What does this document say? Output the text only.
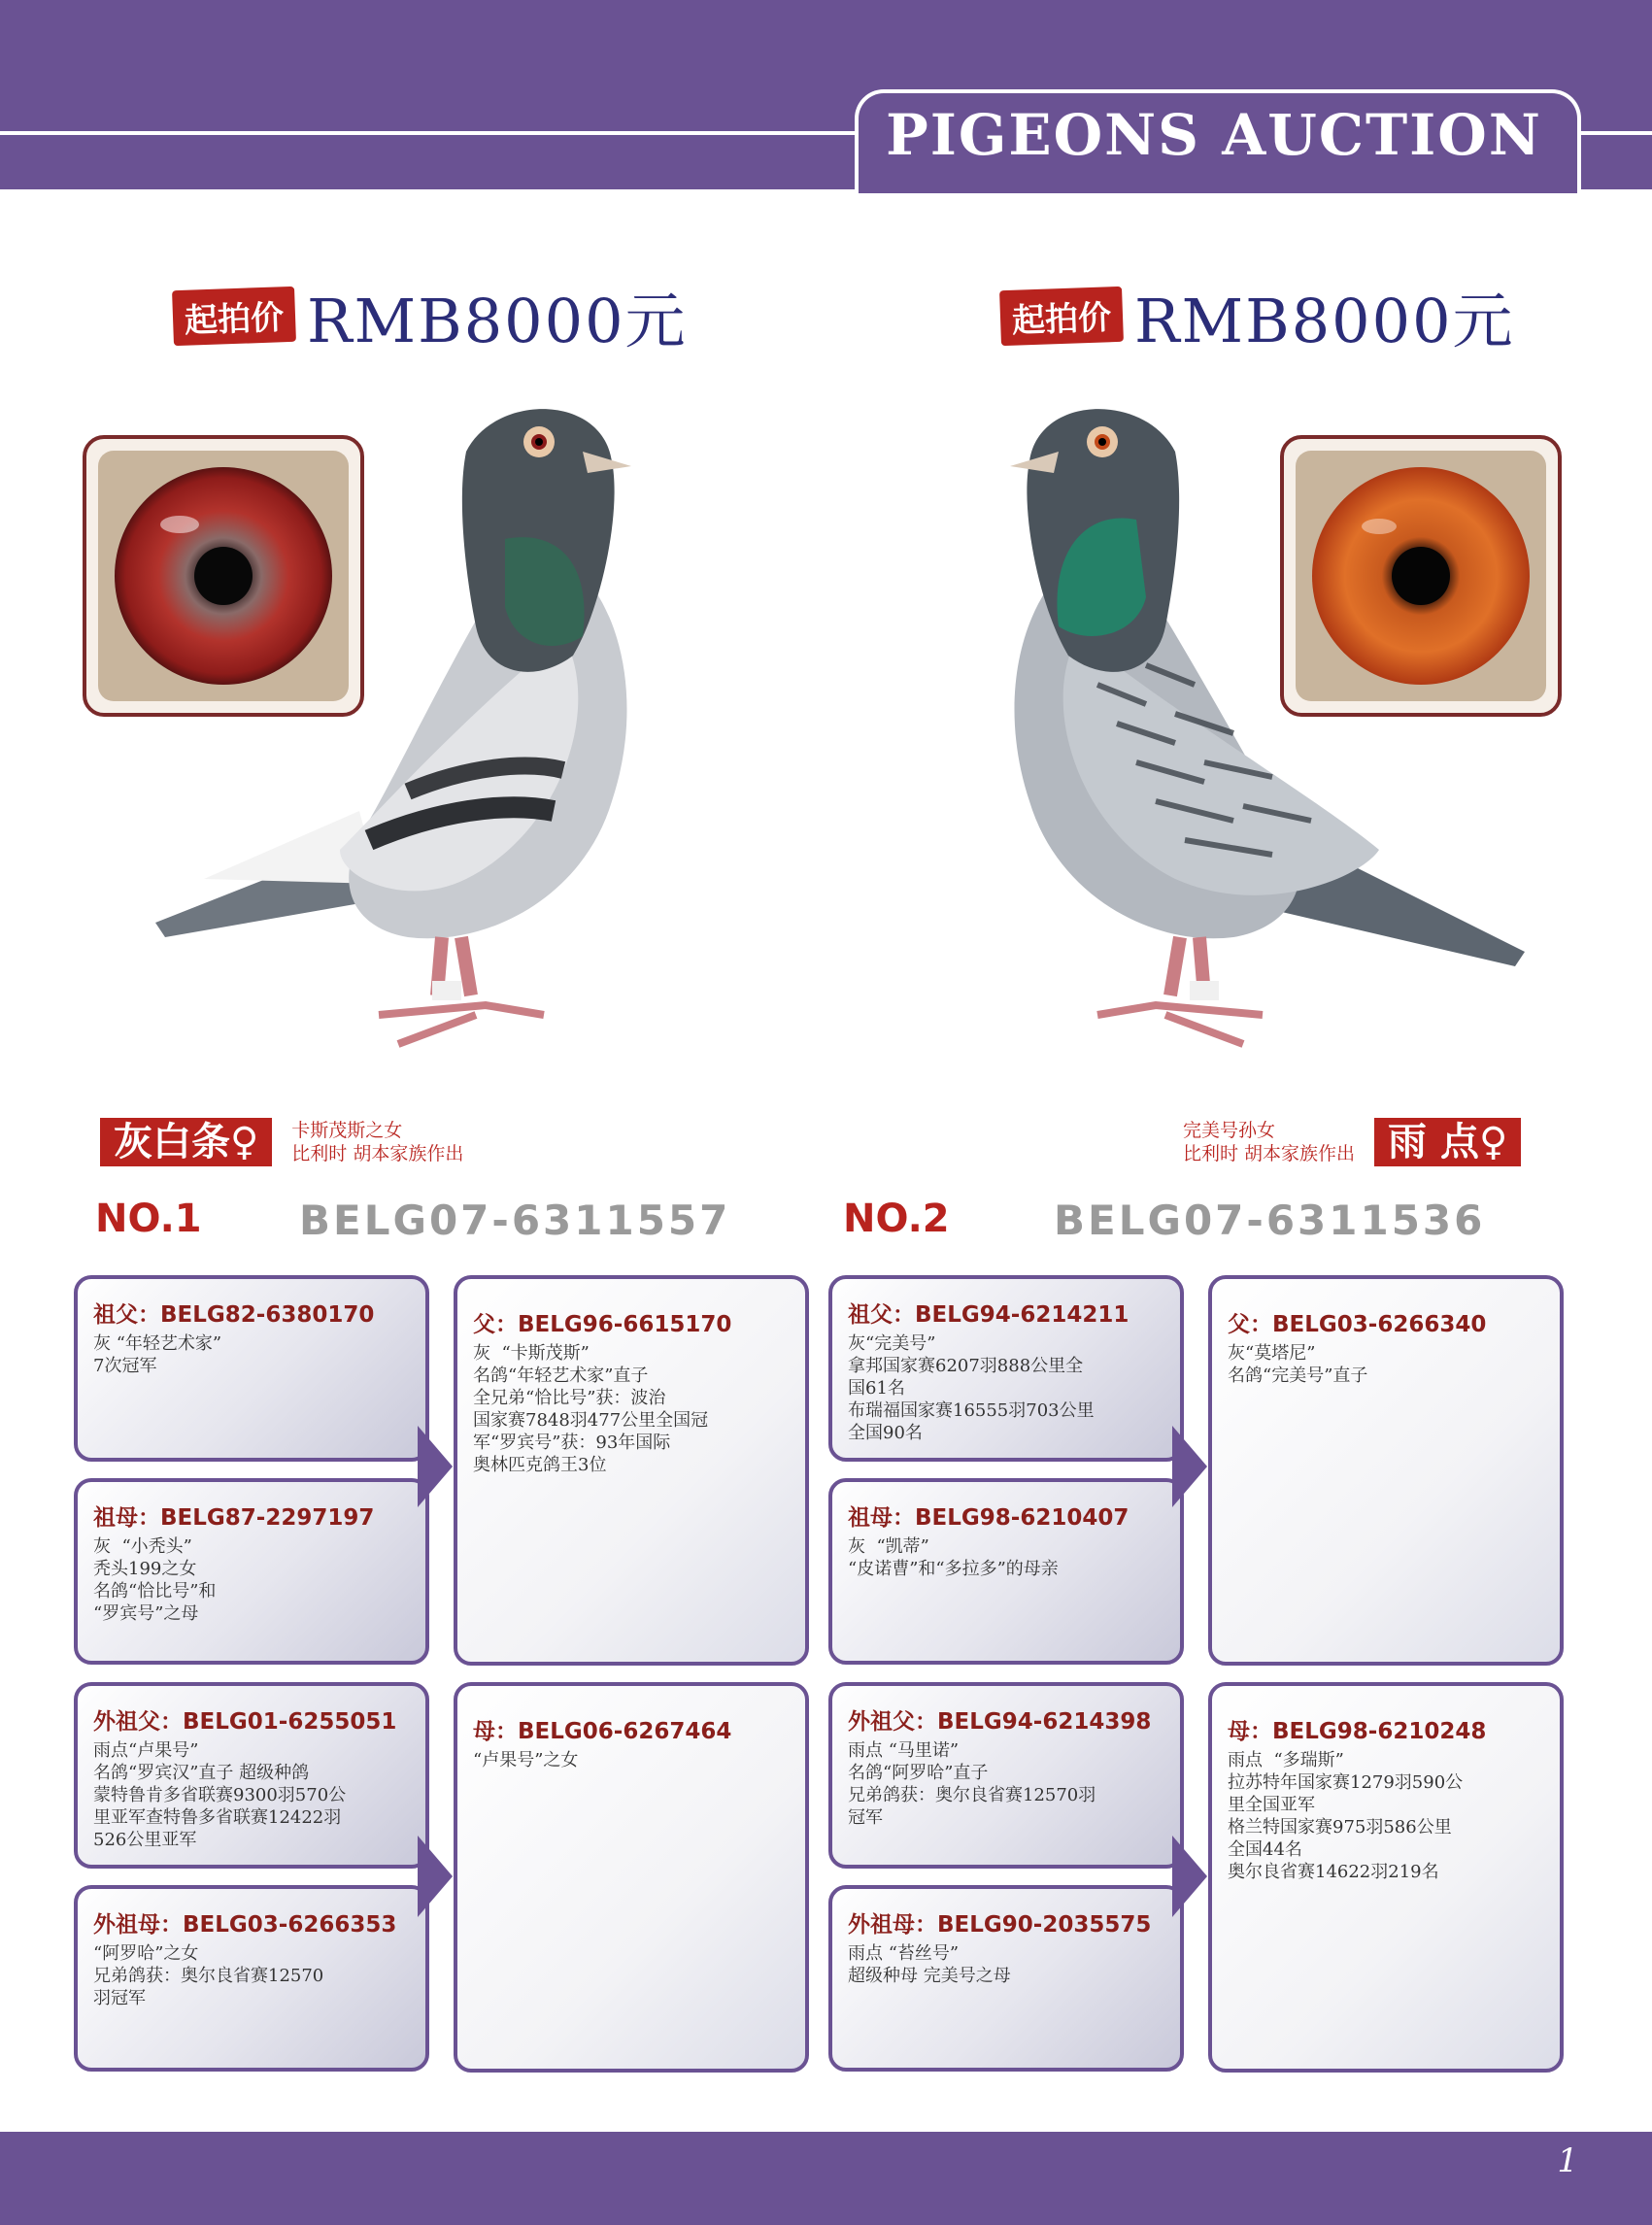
PIGEONS AUCTION
起拍价 RMB8000元	起拍价 RMB8000元
灰白条♀	卡斯茂斯之女
比利时 胡本家族作出
完美号孙女
比利时 胡本家族作出 雨 点♀
NO.1 BELG07-6311557	NO.2	BELG07-6311536
祖父：BELG82-6380170
灰 “年轻艺术家”
7次冠军
祖母：BELG87-2297197
灰  “小秃头”
秃头199之女
名鸽“恰比号”和
“罗宾号”之母
父：BELG96-6615170
灰  “卡斯茂斯”
名鸽“年轻艺术家”直子
全兄弟“恰比号”获：波治
国家赛7848羽477公里全国冠
军“罗宾号”获：93年国际
奥林匹克鸽王3位
外祖父：BELG01-6255051
雨点“卢果号”
名鸽“罗宾汉”直子 超级种鸽
蒙特鲁肯多省联赛9300羽570公
里亚军查特鲁多省联赛12422羽
526公里亚军
外祖母：BELG03-6266353
“阿罗哈”之女
兄弟鸽获：奥尔良省赛12570
羽冠军
母：BELG06-6267464
“卢果号”之女
祖父：BELG94-6214211
灰“完美号”
拿邦国家赛6207羽888公里全
国61名
布瑞福国家赛16555羽703公里
全国90名
祖母：BELG98-6210407
灰  “凯蒂”
“皮诺曹”和“多拉多”的母亲
父：BELG03-6266340
灰“莫塔尼”
名鸽“完美号”直子
外祖父：BELG94-6214398
雨点 “马里诺”
名鸽“阿罗哈”直子
兄弟鸽获：奥尔良省赛12570羽
冠军
外祖母：BELG90-2035575
雨点 “苔丝号”
超级种母 完美号之母
母：BELG98-6210248
雨点  “多瑞斯”
拉苏特年国家赛1279羽590公
里全国亚军
格兰特国家赛975羽586公里
全国44名
奥尔良省赛14622羽219名
1
